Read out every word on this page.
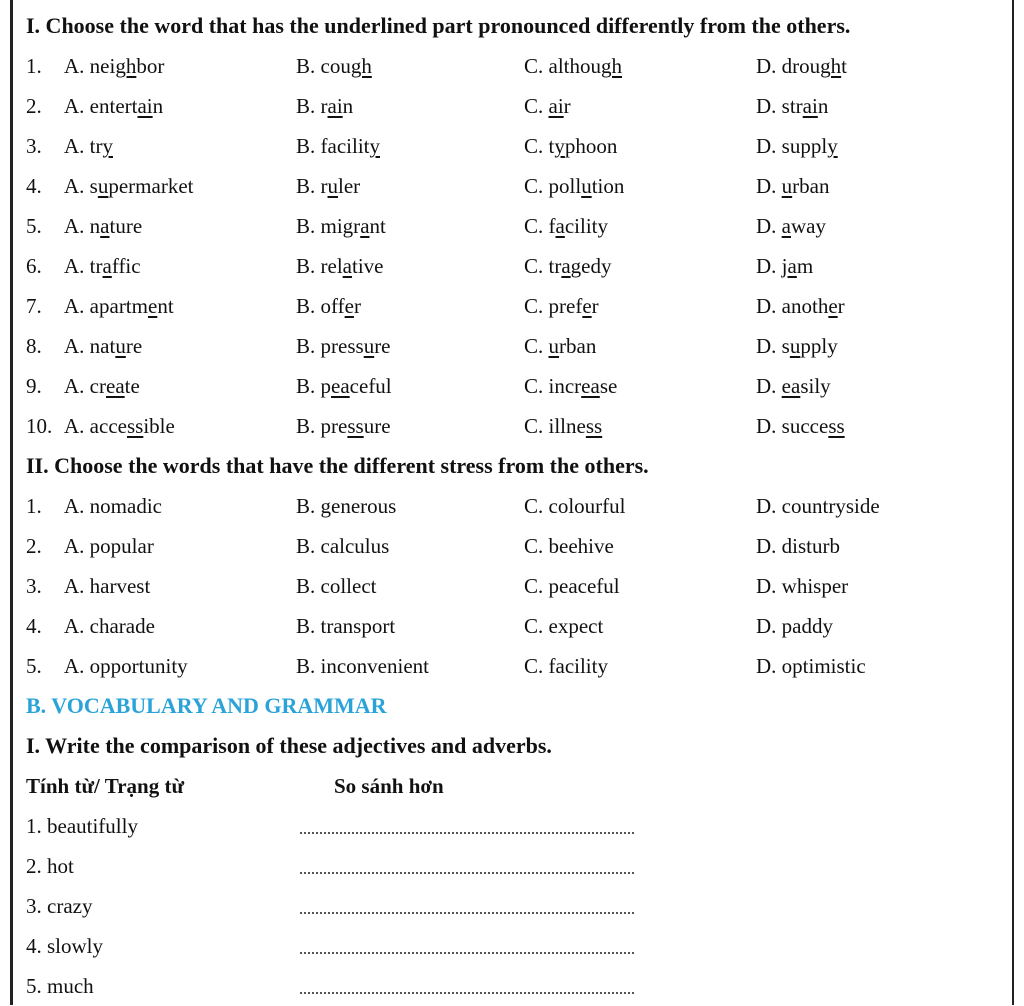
I. Choose the word that has the underlined part pronounced differently from the others.
1. A. neighbor	B. cough	C. although	D. drought
2. A. entertain	B. rain	C. air	D. strain
3. A. try	B. facility	C. typhoon	D. supply
4. A. supermarket	B. ruler	C. pollution	D. urban
5. A. nature	B. migrant	C. facility	D. away
6. A. traffic	B. relative	C. tragedy	D. jam
7. A. apartment	B. offer	C. prefer	D. another
8. A. nature	B. pressure	C. urban	D. supply
9. A. create	B. peaceful	C. increase	D. easily
10. A. accessible	B. pressure	C. illness	D. success
II. Choose the words that have the different stress from the others.
1. A. nomadic	B. generous	C. colourful	D. countryside
2. A. popular	B. calculus	C. beehive	D. disturb
3. A. harvest	B. collect	C. peaceful	D. whisper
4. A. charade	B. transport	C. expect	D. paddy
5. A. opportunity	B. inconvenient	C. facility	D. optimistic
B. VOCABULARY AND GRAMMAR
I. Write the comparison of these adjectives and adverbs.
Tính từ/ Trạng từ	So sánh hơn
1. beautifully
2. hot
3. crazy
4. slowly
5. much
